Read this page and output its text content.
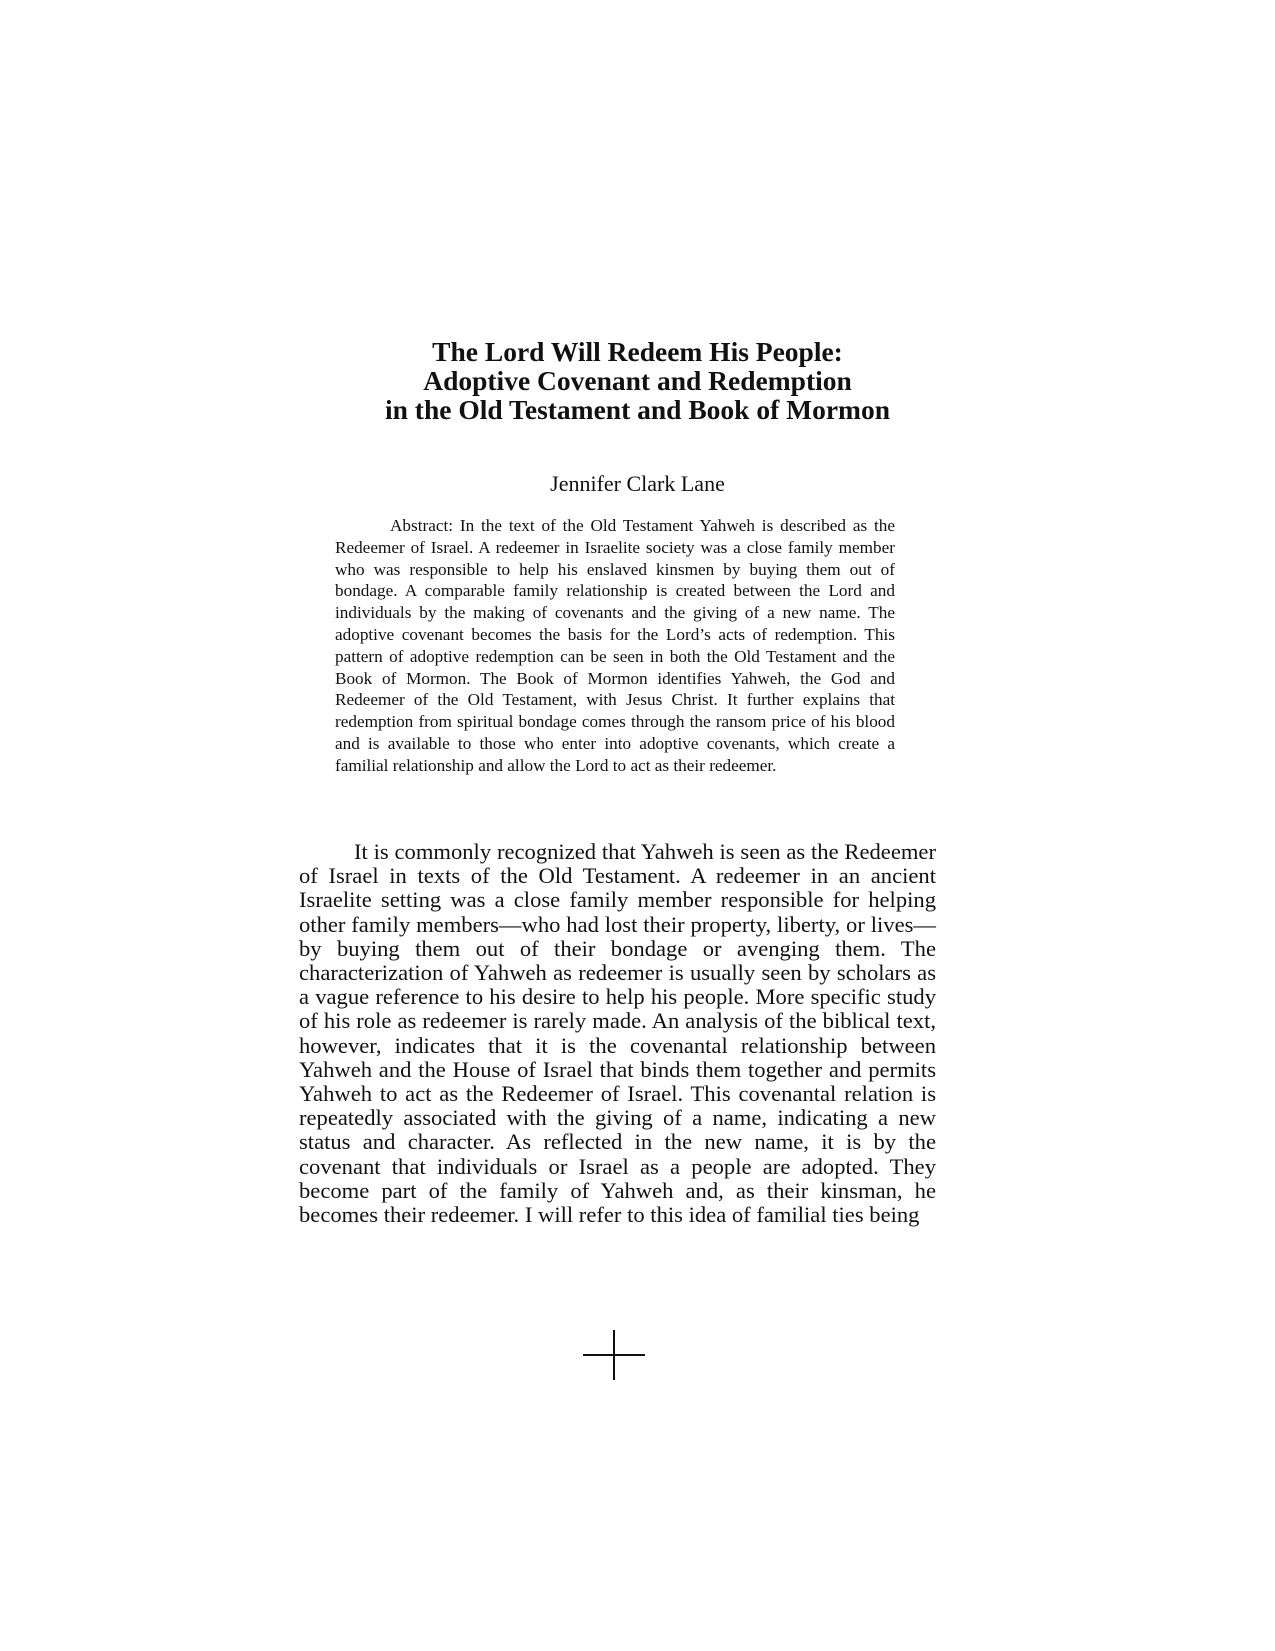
The Lord Will Redeem His People:
Adoptive Covenant and Redemption
in the Old Testament and Book of Mormon
Jennifer Clark Lane

Abstract: In the text of the Old Testament Yahweh is described as the Redeemer of Israel. A redeemer in Israelite society was a close family member who was responsible to help his enslaved kinsmen by buying them out of bondage. A comparable family relationship is created between the Lord and individuals by the making of covenants and the giving of a new name. The adoptive covenant becomes the basis for the Lord’s acts of redemption. This pattern of adoptive redemption can be seen in both the Old Testament and the Book of Mormon. The Book of Mormon identifies Yahweh, the God and Redeemer of the Old Testament, with Jesus Christ. It further explains that redemption from spiritual bondage comes through the ransom price of his blood and is available to those who enter into adoptive covenants, which create a familial relationship and allow the Lord to act as their redeemer.

It is commonly recognized that Yahweh is seen as the Redeemer of Israel in texts of the Old Testament. A redeemer in an ancient Israelite setting was a close family member responsible for helping other family members—who had lost their property, liberty, or lives—by buying them out of their bondage or avenging them. The characterization of Yahweh as redeemer is usually seen by scholars as a vague reference to his desire to help his people. More specific study of his role as redeemer is rarely made. An analysis of the biblical text, however, indicates that it is the covenantal relationship between Yahweh and the House of Israel that binds them together and permits Yahweh to act as the Redeemer of Israel. This covenantal relation is repeatedly associated with the giving of a name, indicating a new status and character. As reflected in the new name, it is by the covenant that individuals or Israel as a people are adopted. They become part of the family of Yahweh and, as their kinsman, he becomes their redeemer. I will refer to this idea of familial ties being
